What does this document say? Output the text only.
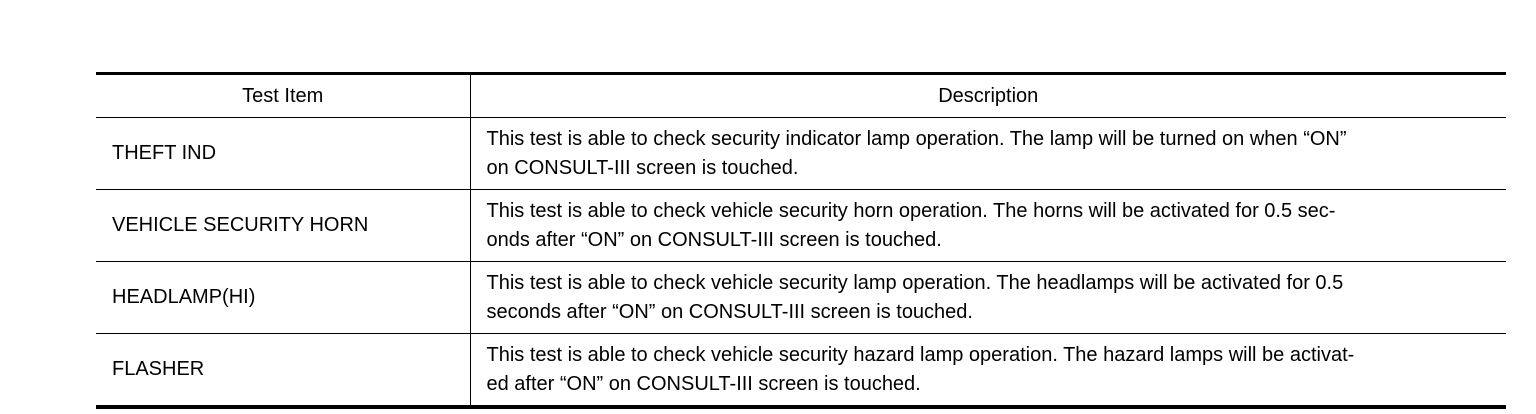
Test Item	Description
THEFT IND	This test is able to check security indicator lamp operation. The lamp will be turned on when “ON”
on CONSULT-III screen is touched.

VEHICLE SECURITY HORN	This test is able to check vehicle security horn operation. The horns will be activated for 0.5 sec-
onds after “ON” on CONSULT-III screen is touched.

HEADLAMP(HI)	This test is able to check vehicle security lamp operation. The headlamps will be activated for 0.5
seconds after “ON” on CONSULT-III screen is touched.

FLASHER	This test is able to check vehicle security hazard lamp operation. The hazard lamps will be activat-
ed after “ON” on CONSULT-III screen is touched.
